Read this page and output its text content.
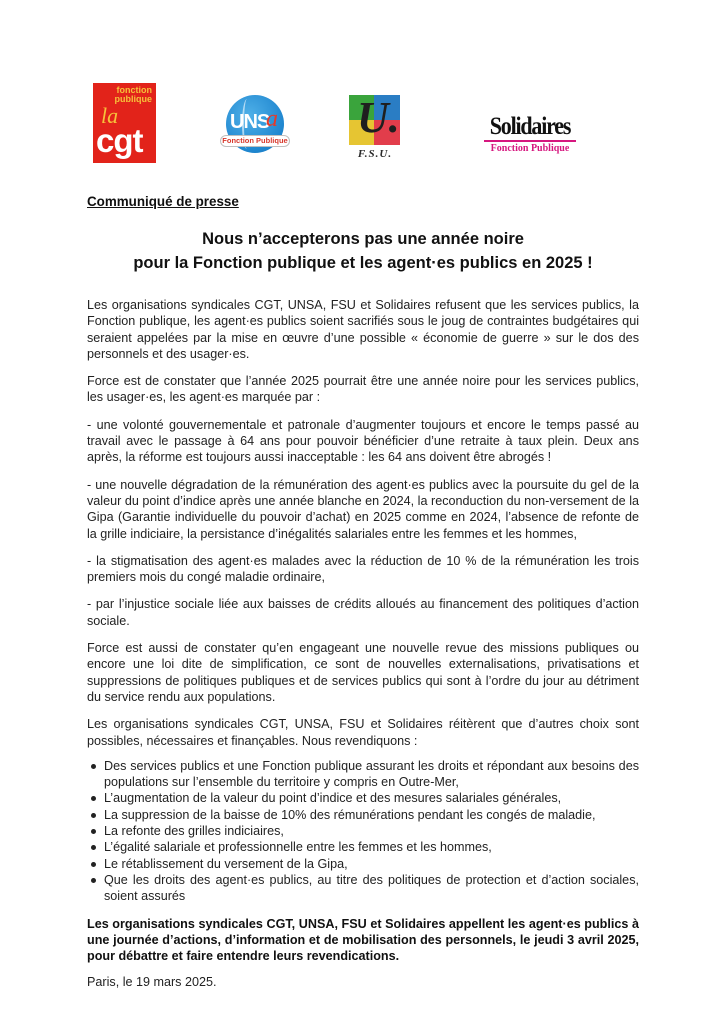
fonction
publique
la
cgt	UNS
a
Fonction Publique U.
F.S.U.
Solidaires
Fonction Publique
Communiqué de presse
Nous n’accepterons pas une année noire
pour la Fonction publique et les agent·es publics en 2025 !

Les organisations syndicales CGT, UNSA, FSU et Solidaires refusent que les services publics, la Fonction publique, les agent·es publics soient sacrifiés sous le joug de contraintes budgétaires qui seraient appelées par la mise en œuvre d’une possible « économie de guerre » sur le dos des personnels et des usager·es.

Force est de constater que l’année 2025 pourrait être une année noire pour les services publics, les usager·es, les agent·es marquée par :

- une volonté gouvernementale et patronale d’augmenter toujours et encore le temps passé au travail avec le passage à 64 ans pour pouvoir bénéficier d’une retraite à taux plein. Deux ans après, la réforme est toujours aussi inacceptable : les 64 ans doivent être abrogés !

- une nouvelle dégradation de la rémunération des agent·es publics avec la poursuite du gel de la valeur du point d’indice après une année blanche en 2024, la reconduction du non-versement de la Gipa (Garantie individuelle du pouvoir d’achat) en 2025 comme en 2024, l’absence de refonte de la grille indiciaire, la persistance d’inégalités salariales entre les femmes et les hommes,

- la stigmatisation des agent·es malades avec la réduction de 10 % de la rémunération les trois premiers mois du congé maladie ordinaire,

- par l’injustice sociale liée aux baisses de crédits alloués au financement des politiques d’action sociale.

Force est aussi de constater qu’en engageant une nouvelle revue des missions publiques ou encore une loi dite de simplification, ce sont de nouvelles externalisations, privatisations et suppressions de politiques publiques et de services publics qui sont à l’ordre du jour au détriment du service rendu aux populations.

Les organisations syndicales CGT, UNSA, FSU et Solidaires réitèrent que d’autres choix sont possibles, nécessaires et finançables. Nous revendiquons :

Des services publics et une Fonction publique assurant les droits et répondant aux besoins des populations sur l’ensemble du territoire y compris en Outre-Mer,
L’augmentation de la valeur du point d’indice et des mesures salariales générales,
La suppression de la baisse de 10% des rémunérations pendant les congés de maladie,
La refonte des grilles indiciaires,
L’égalité salariale et professionnelle entre les femmes et les hommes,
Le rétablissement du versement de la Gipa,
Que les droits des agent·es publics, au titre des politiques de protection et d’action sociales, soient assurés

Les organisations syndicales CGT, UNSA, FSU et Solidaires appellent les agent·es publics à une journée d’actions, d’information et de mobilisation des personnels, le jeudi 3 avril 2025, pour débattre et faire entendre leurs revendications.

Paris, le 19 mars 2025.
